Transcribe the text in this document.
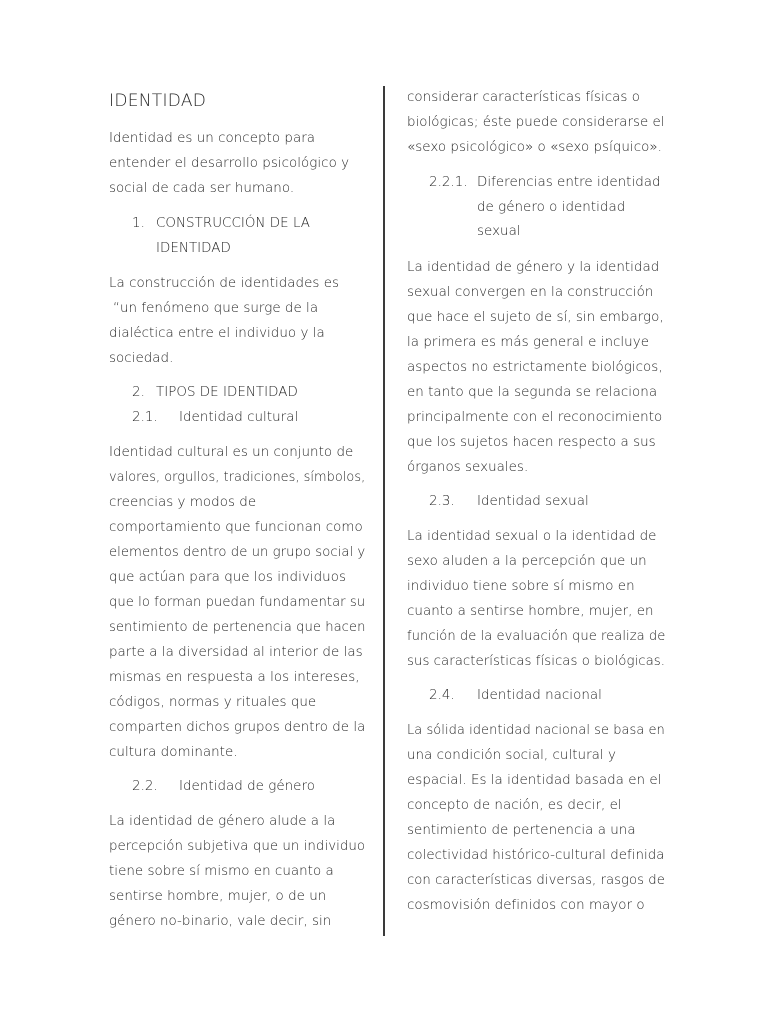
IDENTIDAD
Identidad es un concepto para
entender el desarrollo psicológico y
social de cada ser humano.
1. CONSTRUCCIÓN DE LA
IDENTIDAD
La construcción de identidades es
“un fenómeno que surge de la
dialéctica entre el individuo y la
sociedad.
2. TIPOS DE IDENTIDAD
2.1. Identidad cultural
Identidad cultural es un conjunto de
valores, orgullos, tradiciones, símbolos,
creencias y modos de
comportamiento que funcionan como
elementos dentro de un grupo social y
que actúan para que los individuos
que lo forman puedan fundamentar su
sentimiento de pertenencia que hacen
parte a la diversidad al interior de las
mismas en respuesta a los intereses,
códigos, normas y rituales que
comparten dichos grupos dentro de la
cultura dominante.
2.2. Identidad de género
La identidad de género alude a la
percepción subjetiva que un individuo
tiene sobre sí mismo en cuanto a
sentirse hombre, mujer, o de un
género no-binario, vale decir, sin
considerar características físicas o
biológicas; éste puede considerarse el
«sexo psicológico» o «sexo psíquico».
2.2.1. Diferencias entre identidad
de género o identidad
sexual
La identidad de género y la identidad
sexual convergen en la construcción
que hace el sujeto de sí, sin embargo,
la primera es más general e incluye
aspectos no estrictamente biológicos,
en tanto que la segunda se relaciona
principalmente con el reconocimiento
que los sujetos hacen respecto a sus
órganos sexuales.
2.3. Identidad sexual
La identidad sexual o la identidad de
sexo aluden a la percepción que un
individuo tiene sobre sí mismo en
cuanto a sentirse hombre, mujer, en
función de la evaluación que realiza de
sus características físicas o biológicas.
2.4. Identidad nacional
La sólida identidad nacional se basa en
una condición social, cultural y
espacial. Es la identidad basada en el
concepto de nación, es decir, el
sentimiento de pertenencia a una
colectividad histórico-cultural definida
con características diversas, rasgos de
cosmovisión definidos con mayor o
